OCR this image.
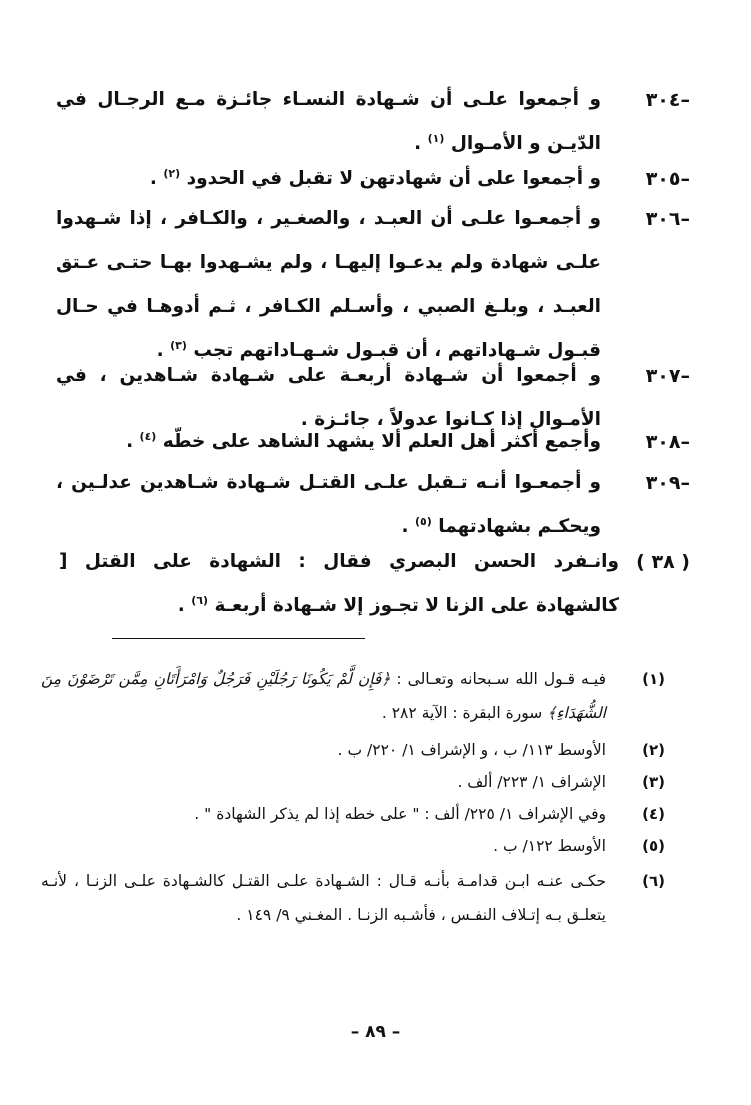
٣٠٤–
و أجمعوا علـى أن شـهادة النسـاء جائـزة مـع الرجـال في الدّيـن و الأمـوال $^{(١)}$ .
٣٠٥–
و أجمعوا على أن شهادتهن لا تقبل في الحدود $^{(٢)}$ .
٣٠٦–
و أجمعـوا علـى أن العبـد ، والصغـير ، والكـافر ، إذا شـهدوا علـى شهادة ولم يدعـوا إليهـا ، ولم يشـهدوا بهـا حتـى عـتق العبـد ، وبلـغ الصبي ، وأسـلم الكـافر ، ثـم أدوهـا في حـال قبـول شـهاداتهم ، أن قبـول شـهـاداتهم تجب $^{(٣)}$ .
٣٠٧–
و أجمعوا أن شـهادة أربعـة على شـهادة شـاهدين ، في الأمـوال إذا كـانوا عدولاً ، جائـزة .
٣٠٨–
وأجمع أكثر أهل العلم ألا يشهد الشاهد على خطّه $^{(٤)}$ .
٣٠٩–
و أجمعـوا أنـه تـقبل علـى القتـل شـهادة شـاهدين عدلـين ، ويحكـم بشهادتهما $^{(٥)}$ .
( ٣٨ )
وانـفرد الحسن البصري فقال : الشهادة على القتل [ كالشهادة على الزنا لا تجـوز إلا شـهادة أربعـة $^{(٦)}$ .
(١)
فيـه قـول الله سـبحانه وتعـالى : ﴿فَإِن لَّمْ يَكُونَا رَجُلَيْنِ فَرَجُلٌ وَامْرَأَتَانِ مِمَّن تَرْضَوْنَ مِنَ الشُّهَدَاءِ﴾ سورة البقرة : الآية ٢٨٢ .
(٢)
الأوسط ١١٣/ ب ، و الإشراف ١/ ٢٢٠/ ب .
(٣)
الإشراف ١/ ٢٢٣/ ألف .
(٤)
وفي الإشراف ١/ ٢٢٥/ ألف : " على خطه إذا لم يذكر الشهادة " .
(٥)
الأوسط ١٢٢/ ب .
(٦)
حكـى عنـه ابـن قدامـة بأنـه قـال : الشـهادة علـى القتـل كالشـهادة علـى الزنـا ، لأنـه يتعلـق بـه إتـلاف النفـس ، فأشـبه الزنـا . المغـني ٩/ ١٤٩ .
– ٨٩ –
